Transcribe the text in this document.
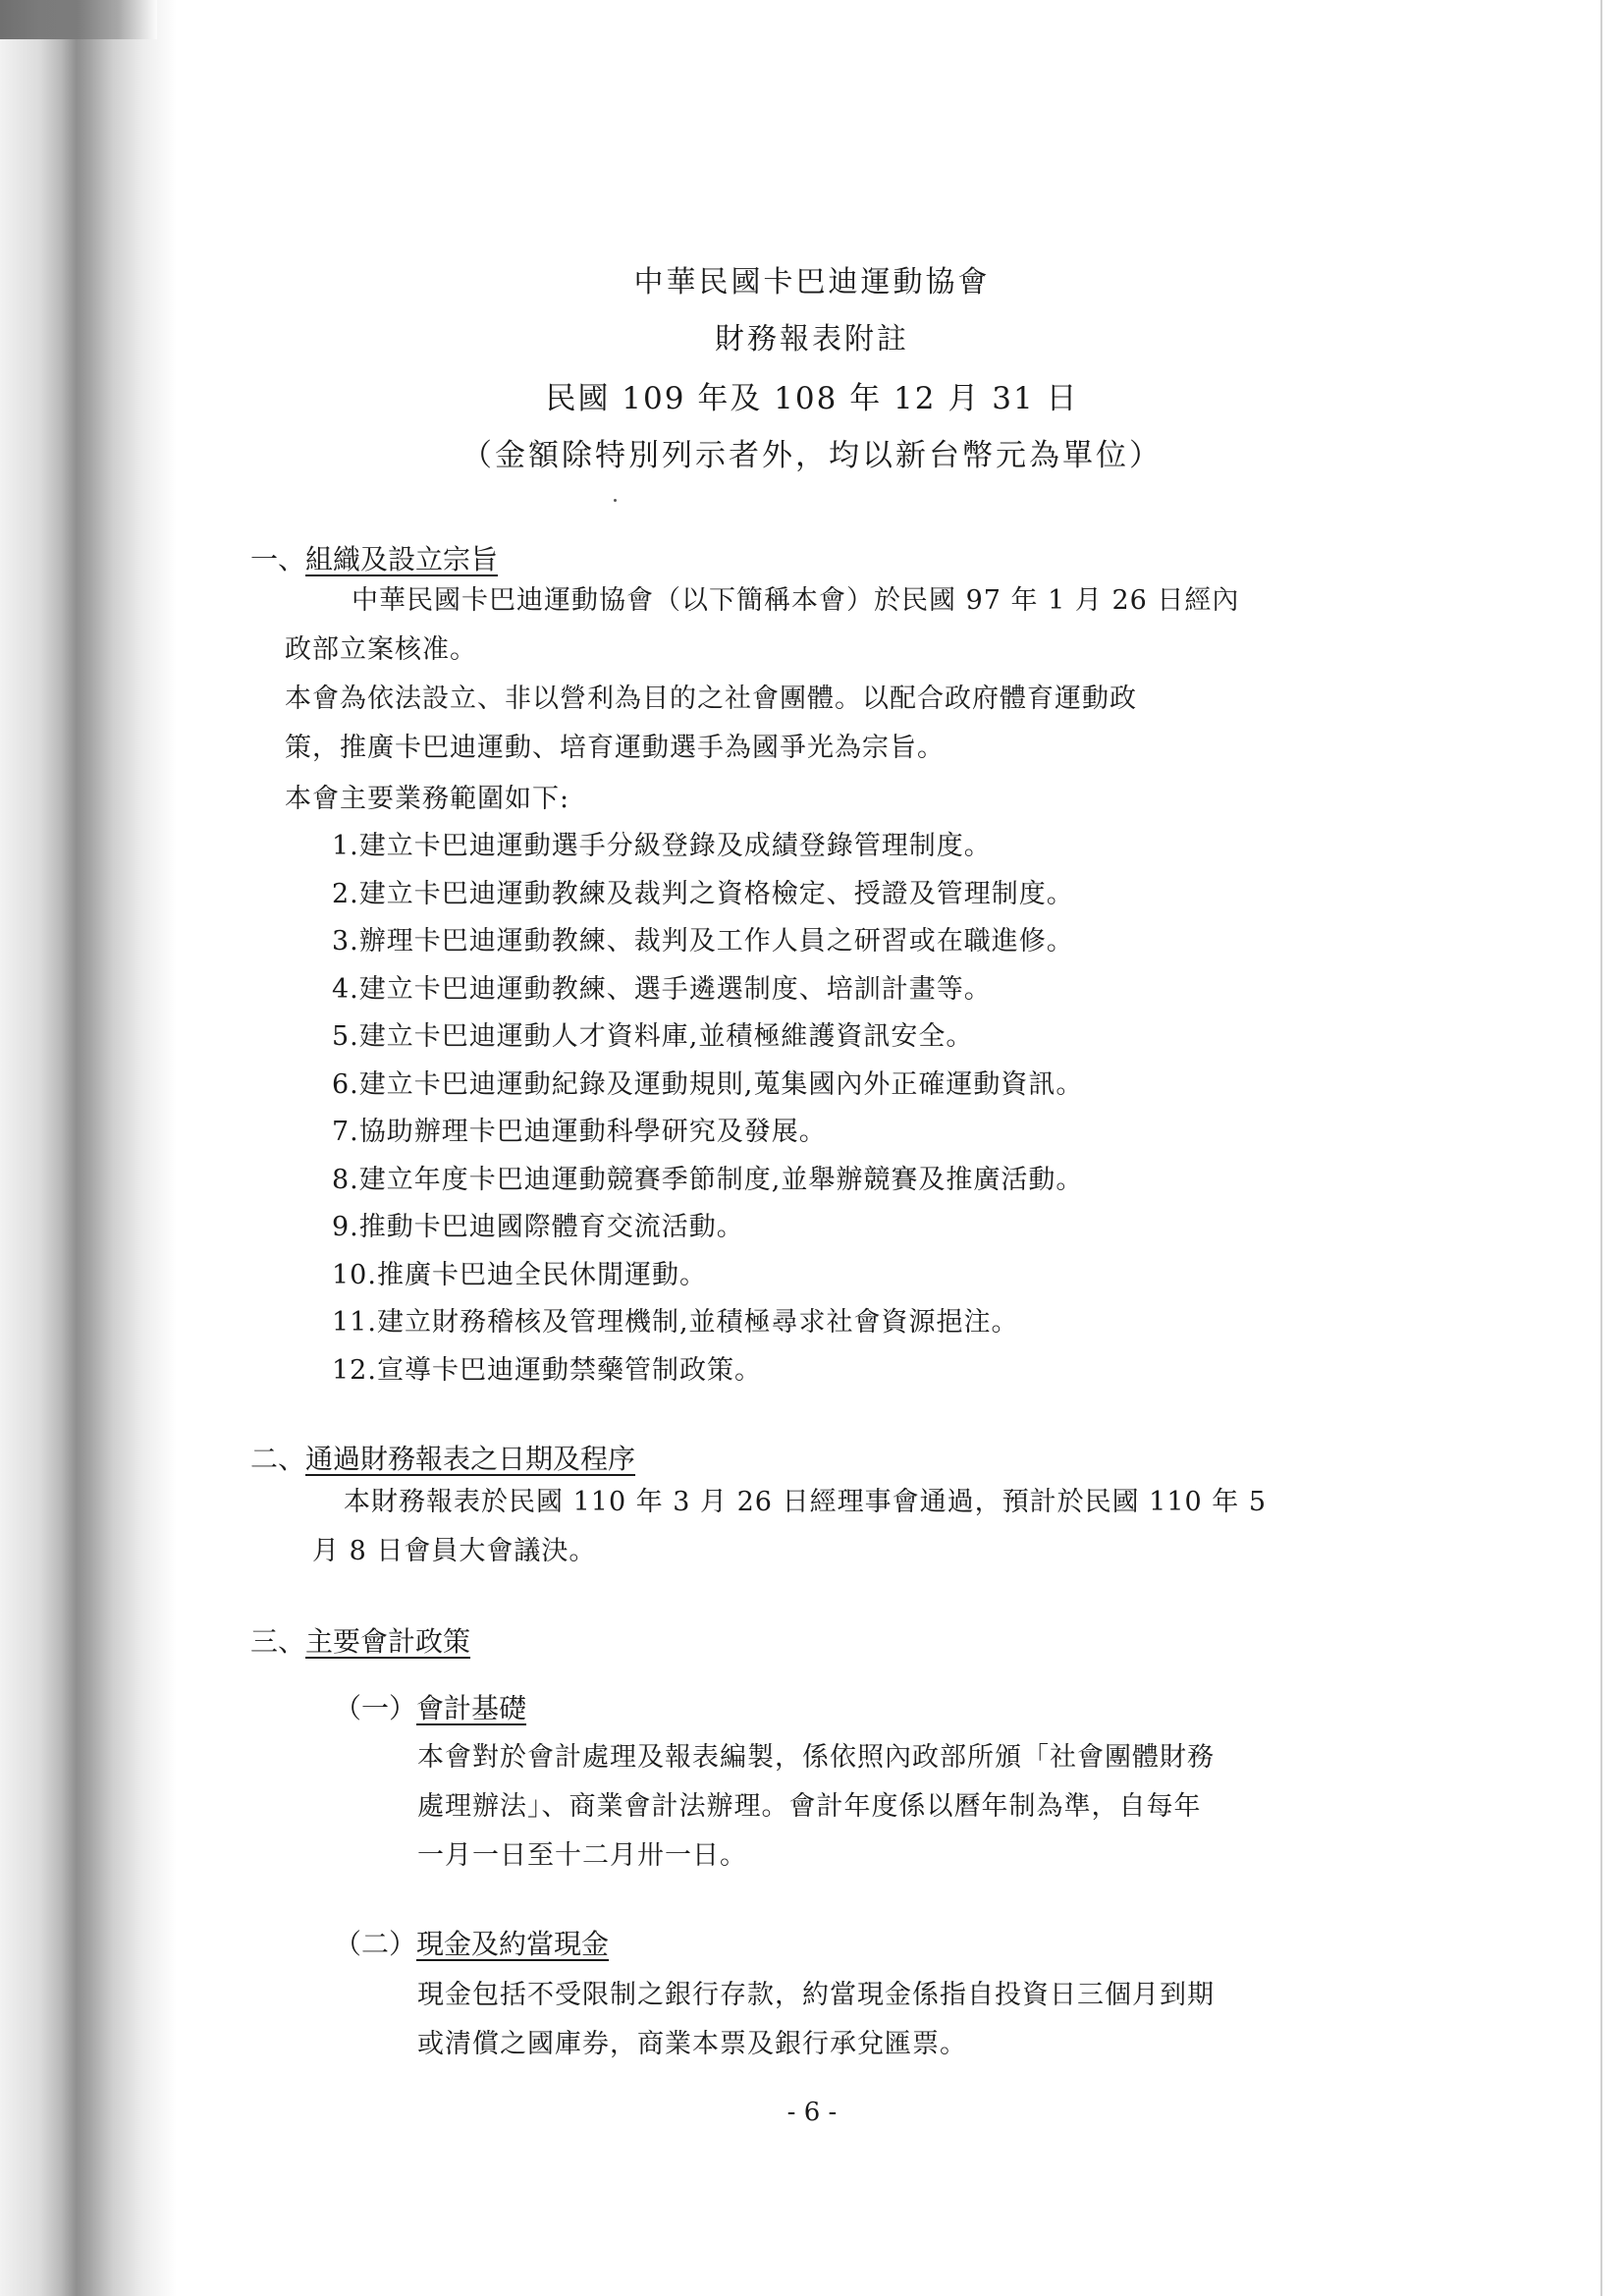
中華民國卡巴迪運動協會
財務報表附註
民國 109 年及 108 年 12 月 31 日
（金額除特別列示者外，均以新台幣元為單位）
一、組織及設立宗旨
中華民國卡巴迪運動協會（以下簡稱本會）於民國 97 年 1 月 26 日經內
政部立案核准。
本會為依法設立、非以營利為目的之社會團體。以配合政府體育運動政
策，推廣卡巴迪運動、培育運動選手為國爭光為宗旨。
本會主要業務範圍如下:
1.建立卡巴迪運動選手分級登錄及成績登錄管理制度。
2.建立卡巴迪運動教練及裁判之資格檢定、授證及管理制度。
3.辦理卡巴迪運動教練、裁判及工作人員之研習或在職進修。
4.建立卡巴迪運動教練、選手遴選制度、培訓計畫等。
5.建立卡巴迪運動人才資料庫,並積極維護資訊安全。
6.建立卡巴迪運動紀錄及運動規則,蒐集國內外正確運動資訊。
7.協助辦理卡巴迪運動科學研究及發展。
8.建立年度卡巴迪運動競賽季節制度,並舉辦競賽及推廣活動。
9.推動卡巴迪國際體育交流活動。
10.推廣卡巴迪全民休閒運動。
11.建立財務稽核及管理機制,並積極尋求社會資源挹注。
12.宣導卡巴迪運動禁藥管制政策。
二、通過財務報表之日期及程序
本財務報表於民國 110 年 3 月 26 日經理事會通過，預計於民國 110 年 5
月 8 日會員大會議決。
三、主要會計政策
（一）會計基礎
本會對於會計處理及報表編製，係依照內政部所頒「社會團體財務
處理辦法」、商業會計法辦理。會計年度係以曆年制為準，自每年
一月一日至十二月卅一日。
（二）現金及約當現金
現金包括不受限制之銀行存款，約當現金係指自投資日三個月到期
或清償之國庫券，商業本票及銀行承兌匯票。
- 6 -
